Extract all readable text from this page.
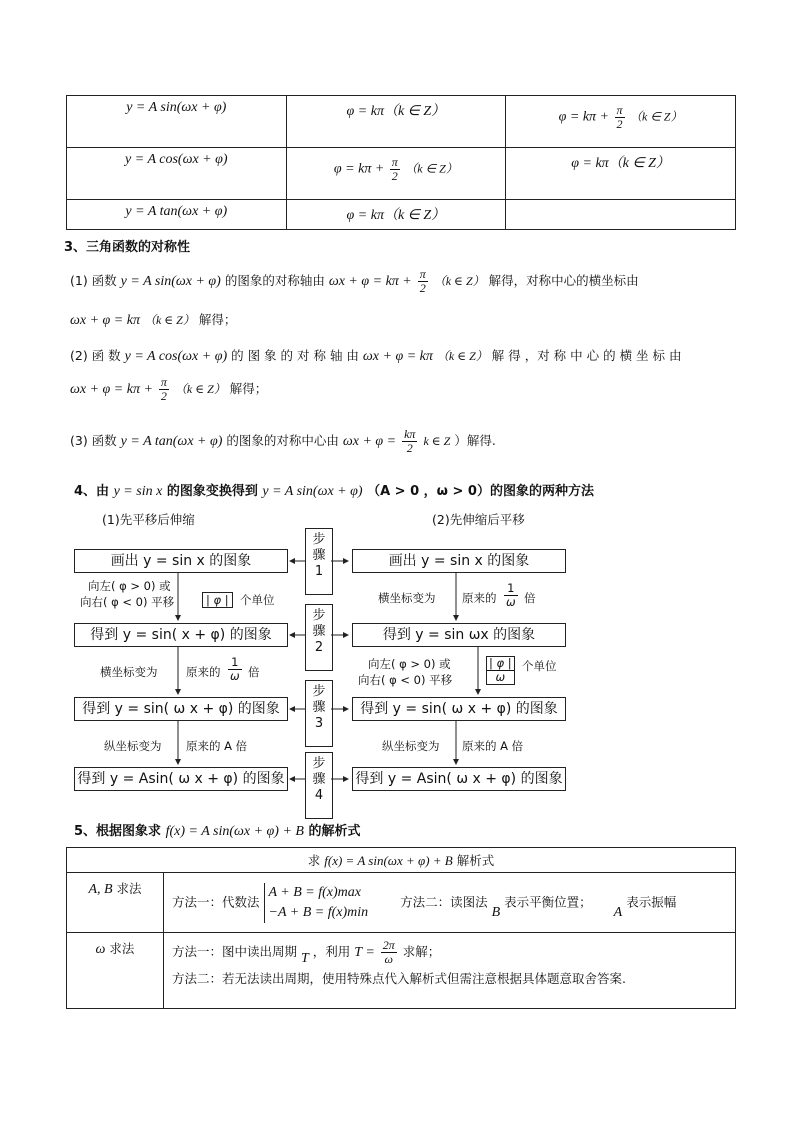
y = A sin(ωx + φ)	φ = kπ（k ∈ Z）	$\varphi = k\pi + \frac{\pi}{2} (k$ ∈ Z）
y = A cos(ωx + φ)	$\varphi = k\pi + \frac{\pi}{2} (k$ ∈ Z）	φ = kπ（k ∈ Z）
y = A tan(ωx + φ)	φ = kπ（k ∈ Z）	
3、三角函数的对称性
(1) 函数 y = A sin(ωx + φ) 的图象的对称轴由 $\omega x + \varphi = k\pi + \frac{\pi}{2} (k$ ∈ Z） 解得，对称中心的横坐标由
ωx + φ = kπ （k ∈ Z） 解得；
(2) 函 数 y = A cos(ωx + φ) 的 图 象 的 对 称 轴 由 ωx + φ = kπ （k ∈ Z） 解 得 ，对 称 中 心 的 横 坐 标 由
$\omega x + \varphi = k\pi + \frac{\pi}{2} (k$ ∈ Z） 解得；
(3) 函数 y = A tan(ωx + φ) 的图象的对称中心由 $\omega x + \varphi = \frac{k\pi}{2}$ k ∈ Z ）解得.
4、由 y = sin x 的图象变换得到 y = A sin(ωx + φ) （A > 0 ，ω > 0）的图象的两种方法
(1)先平移后伸缩	(2)先伸缩后平移
步
骤
1
步
骤
2
步
骤
3
步
骤
4
画出 y = sin x 的图象
得到 y = sin( x + φ) 的图象
得到 y = sin( ω x + φ) 的图象
得到 y = Asin( ω x + φ) 的图象
画出 y = sin x 的图象
得到 y = sin ωx 的图象
得到 y = sin( ω x + φ) 的图象
得到 y = Asin( ω x + φ) 的图象
向左( φ > 0) 或
向右( φ < 0) 平移	| φ | 个单位
横坐标变为 原来的 $\frac{1}{\omega}$ 倍
纵坐标变为 原来的 A 倍
横坐标变为 原来的 $\frac{1}{\omega}$ 倍
向左( φ > 0) 或
向右( φ < 0) 平移	$\frac{| \varphi |}{\omega}$ 个单位
纵坐标变为 原来的 A 倍
5、根据图象求 f(x) = A sin(ωx + φ) + B 的解析式
求 f(x) = A sin(ωx + φ) + B 解析式	
A, B 求法	方法一：代数法
A + B = f(x)max
−A + B = f(x)min
方法二：读图法 B 表示平衡位置； A 表示振幅
ω 求法	方法一：图中读出周期 T ，利用 $T = \frac{2\pi}{\omega}$ 求解；
方法二：若无法读出周期，使用特殊点代入解析式但需注意根据具体题意取舍答案.
